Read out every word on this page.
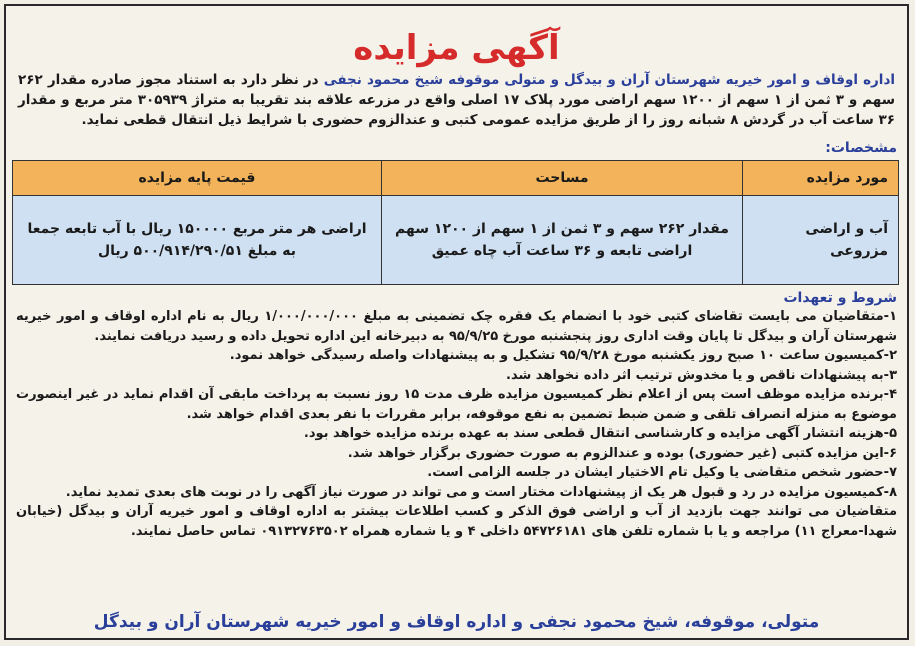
آگهی مزایده
اداره اوقاف و امور خیریه شهرستان آران و بیدگل و متولی موقوفه شیخ محمود نجفی در نظر دارد به استناد مجوز صادره مقدار ۲۶۲ سهم و ۳ ثمن از ۱ سهم از ۱۲۰۰ سهم اراضی مورد پلاک ۱۷ اصلی واقع در مزرعه علاقه بند تقریبا به متراژ ۳۰۵۹۳۹ متر مربع و مقدار ۳۶ ساعت آب در گردش ۸ شبانه روز را از طریق مزایده عمومی کتبی و عندالزوم حضوری با شرایط ذیل انتقال قطعی نماید.
مشخصات:
مورد مزایده	مساحت	قیمت پایه مزایده
آب و اراضی مزروعی	مقدار ۲۶۲ سهم و ۳ ثمن از ۱ سهم از ۱۲۰۰ سهم اراضی تابعه و ۳۶ ساعت آب چاه عمیق	اراضی هر متر مربع ۱۵۰۰۰۰ ریال با آب تابعه جمعا به مبلغ ۵۰۰/۹۱۴/۲۹۰/۵۱ ریال
شروط و تعهدات
۱-متقاضیان می بایست تقاضای کتبی خود با انضمام یک فقره چک تضمینی به مبلغ ۱/۰۰۰/۰۰۰/۰۰۰ ریال به نام اداره اوقاف و امور خیریه شهرستان آران و بیدگل تا پایان وقت اداری روز پنجشنبه مورخ ۹۵/۹/۲۵ به دبیرخانه این اداره تحویل داده و رسید دریافت نمایند.
۲-کمیسیون ساعت ۱۰ صبح روز یکشنبه مورخ ۹۵/۹/۲۸ تشکیل و به پیشنهادات واصله رسیدگی خواهد نمود.
۳-به پیشنهادات ناقص و یا مخدوش ترتیب اثر داده نخواهد شد.
۴-برنده مزایده موظف است پس از اعلام نظر کمیسیون مزایده ظرف مدت ۱۵ روز نسبت به پرداخت مابقی آن اقدام نماید در غیر اینصورت موضوع به منزله انصراف تلقی و ضمن ضبط تضمین به نفع موقوفه، برابر مقررات با نفر بعدی اقدام خواهد شد.
۵-هزینه انتشار آگهی مزایده و کارشناسی انتقال قطعی سند به عهده برنده مزایده خواهد بود.
۶-این مزایده کتبی (غیر حضوری) بوده و عندالزوم به صورت حضوری برگزار خواهد شد.
۷-حضور شخص متقاضی یا وکیل تام الاختیار ایشان در جلسه الزامی است.
۸-کمیسیون مزایده در رد و قبول هر یک از پیشنهادات مختار است و می تواند در صورت نیاز آگهی را در نوبت های بعدی تمدید نماید.
متقاضیان می توانند جهت بازدید از آب و اراضی فوق الذکر و کسب اطلاعات بیشتر به اداره اوقاف و امور خیریه آران و بیدگل (خیابان شهدا-معراج ۱۱) مراجعه و یا با شماره تلفن های ۵۴۷۲۶۱۸۱ داخلی ۴ و یا شماره همراه ۰۹۱۳۲۷۶۳۵۰۲ تماس حاصل نمایند.
متولی، موقوفه، شیخ محمود نجفی و اداره اوقاف و امور خیریه شهرستان آران و بیدگل
